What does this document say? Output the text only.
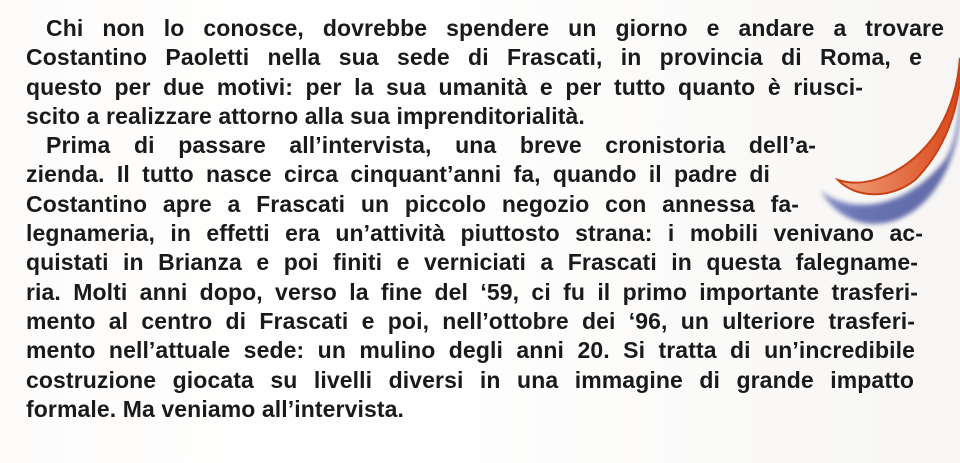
Chi non lo conosce, dovrebbe spendere un giorno e andare a trovare
Costantino Paoletti nella sua sede di Frascati, in provincia di Roma, e
questo per due motivi: per la sua umanità e per tutto quanto è riusci-
scito a realizzare attorno alla sua imprenditorialità.
Prima di passare all’intervista, una breve cronistoria dell’a-
zienda. Il tutto nasce circa cinquant’anni fa, quando il padre di
Costantino apre a Frascati un piccolo negozio con annessa fa-
legnameria, in effetti era un’attività piuttosto strana: i mobili venivano ac-
quistati in Brianza e poi finiti e verniciati a Frascati in questa falegname-
ria. Molti anni dopo, verso la fine del ‘59, ci fu il primo importante trasferi-
mento al centro di Frascati e poi, nell’ottobre dei ‘96, un ulteriore trasferi-
mento nell’attuale sede: un mulino degli anni 20. Si tratta di un’incredibile
costruzione giocata su livelli diversi in una immagine di grande impatto
formale. Ma veniamo all’intervista.
